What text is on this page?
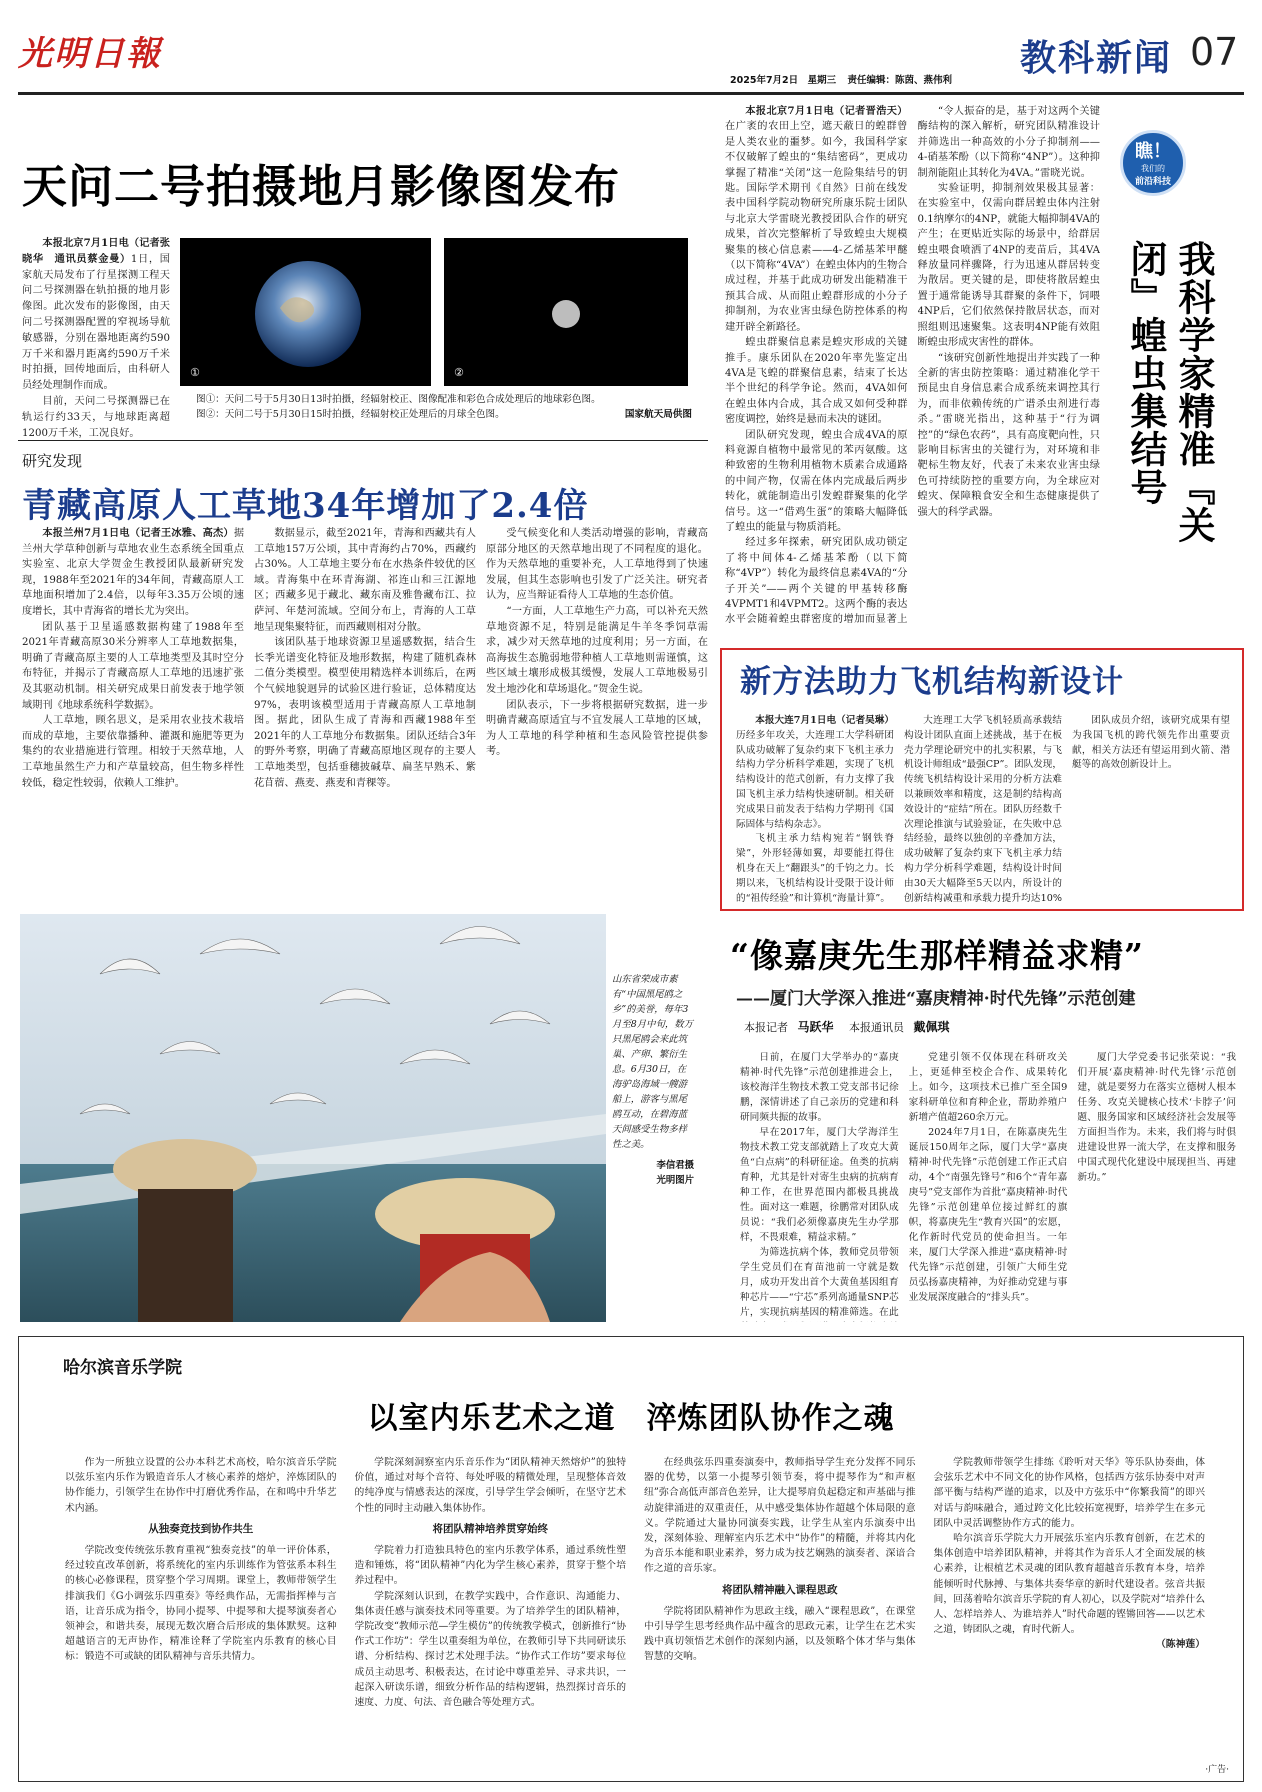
光明日報
2025年7月2日　星期三 责任编辑：陈茵、燕伟利
教科新闻 07
天问二号拍摄地月影像图发布

本报北京7月1日电（记者张晓华　通讯员蔡金曼）1日，国家航天局发布了行星探测工程天问二号探测器在轨拍摄的地月影像图。此次发布的影像图，由天问二号探测器配置的窄视场导航敏感器，分别在器地距离约590万千米和器月距离约590万千米时拍摄，回传地面后，由科研人员经处理制作而成。

目前，天问二号探测器已在轨运行约33天，与地球距离超1200万千米，工况良好。

①	②
图①：天问二号于5月30日13时拍摄，经辐射校正、图像配准和彩色合成处理后的地球彩色图。
图②：天问二号于5月30日15时拍摄，经辐射校正处理后的月球全色图。	国家航天局供图
研究发现
青藏高原人工草地34年增加了2.4倍

本报兰州7月1日电（记者王冰雅、高杰）据兰州大学草种创新与草地农业生态系统全国重点实验室、北京大学贺金生教授团队最新研究发现，1988年至2021年的34年间，青藏高原人工草地面积增加了2.4倍，以每年3.35万公顷的速度增长，其中青海省的增长尤为突出。

团队基于卫星遥感数据构建了1988年至2021年青藏高原30米分辨率人工草地数据集，明确了青藏高原主要的人工草地类型及其时空分布特征，并揭示了青藏高原人工草地的迅速扩张及其驱动机制。相关研究成果日前发表于地学领域期刊《地球系统科学数据》。

人工草地，顾名思义，是采用农业技术栽培而成的草地，主要依靠播种、灌溉和施肥等更为集约的农业措施进行管理。相较于天然草地，人工草地虽然生产力和产草量较高，但生物多样性较低，稳定性较弱，依赖人工维护。

数据显示，截至2021年，青海和西藏共有人工草地157万公顷，其中青海约占70%，西藏约占30%。人工草地主要分布在水热条件较优的区域。青海集中在环青海湖、祁连山和三江源地区；西藏多见于藏北、藏东南及雅鲁藏布江、拉萨河、年楚河流域。空间分布上，青海的人工草地呈现集聚特征，而西藏则相对分散。

该团队基于地球资源卫星遥感数据，结合生长季光谱变化特征及地形数据，构建了随机森林二值分类模型。模型使用精选样本训练后，在两个气候地貌迥异的试验区进行验证，总体精度达97%，表明该模型适用于青藏高原人工草地制图。据此，团队生成了青海和西藏1988年至2021年的人工草地分布数据集。团队还结合3年的野外考察，明确了青藏高原地区现存的主要人工草地类型，包括垂穗披碱草、扁茎早熟禾、紫花苜蓿、燕麦、燕麦和青稞等。

受气候变化和人类活动增强的影响，青藏高原部分地区的天然草地出现了不同程度的退化。作为天然草地的重要补充，人工草地得到了快速发展，但其生态影响也引发了广泛关注。研究者认为，应当辩证看待人工草地的生态价值。

“一方面，人工草地生产力高，可以补充天然草地资源不足，特别是能满足牛羊冬季饲草需求，减少对天然草地的过度利用；另一方面，在高海拔生态脆弱地带种植人工草地则需谨慎，这些区域土壤形成极其缓慢，发展人工草地极易引发土地沙化和草场退化。”贺金生说。

团队表示，下一步将根据研究数据，进一步明确青藏高原适宜与不宜发展人工草地的区域，为人工草地的科学种植和生态风险管控提供参考。

本报北京7月1日电（记者晋浩天）在广袤的农田上空，遮天蔽日的蝗群曾是人类农业的噩梦。如今，我国科学家不仅破解了蝗虫的“集结密码”，更成功掌握了精准“关闭”这一危险集结号的钥匙。国际学术期刊《自然》日前在线发表中国科学院动物研究所康乐院士团队与北京大学雷晓光教授团队合作的研究成果，首次完整解析了导致蝗虫大规模聚集的核心信息素——4-乙烯基苯甲醚（以下简称“4VA”）在蝗虫体内的生物合成过程，并基于此成功研发出能精准干预其合成、从而阻止蝗群形成的小分子抑制剂，为农业害虫绿色防控体系的构建开辟全新路径。

蝗虫群聚信息素是蝗灾形成的关键推手。康乐团队在2020年率先鉴定出4VA是飞蝗的群聚信息素，结束了长达半个世纪的科学争论。然而，4VA如何在蝗虫体内合成，其合成又如何受种群密度调控，始终是悬而未决的谜团。

团队研究发现，蝗虫合成4VA的原料竟源自植物中最常见的苯丙氨酸。这种致密的生物利用植物木质素合成通路的中间产物，仅需在体内完成最后两步转化，就能制造出引发蝗群聚集的化学信号。这一“借鸡生蛋”的策略大幅降低了蝗虫的能量与物质消耗。

经过多年探索，研究团队成功锁定了将中间体4-乙烯基苯酚（以下简称“4VP”）转化为最终信息素4VA的“分子开关”——两个关键的甲基转移酶4VPMT1和4VPMT2。这两个酶的表达水平会随着蝗虫群密度的增加而显著上

“令人振奋的是，基于对这两个关键酶结构的深入解析，研究团队精准设计并筛选出一种高效的小分子抑制剂——4-硝基苯酚（以下简称“4NP”）。这种抑制剂能阻止其转化为4VA。”雷晓光说。

实验证明，抑制剂效果极其显著：在实验室中，仅需向群居蝗虫体内注射0.1纳摩尔的4NP，就能大幅抑制4VA的产生；在更贴近实际的场景中，给群居蝗虫喂食喷洒了4NP的麦苗后，其4VA释放量同样骤降，行为迅速从群居转变为散居。更关键的是，即使将散居蝗虫置于通常能诱导其群聚的条件下，饲喂4NP后，它们依然保持散居状态，而对照组则迅速聚集。这表明4NP能有效阻断蝗虫形成灾害性的群体。

“该研究创新性地提出并实践了一种全新的害虫防控策略：通过精准化学干预昆虫自身信息素合成系统来调控其行为，而非依赖传统的广谱杀虫剂进行毒杀。”雷晓光指出，这种基于“行为调控”的“绿色农药”，具有高度靶向性，只影响目标害虫的关键行为，对环境和非靶标生物友好，代表了未来农业害虫绿色可持续防控的重要方向，为全球应对蝗灾、保障粮食安全和生态健康提供了强大的科学武器。

瞧！
我们的
前沿科技
我科学家精准『关闭』蝗虫集结号
新方法助力飞机结构新设计

本报大连7月1日电（记者吴琳）历经多年攻关，大连理工大学科研团队成功破解了复杂约束下飞机主承力结构力学分析科学难题，实现了飞机结构设计的范式创新，有力支撑了我国飞机主承力结构快速研制。相关研究成果日前发表于结构力学期刊《国际固体与结构杂志》。

飞机主承力结构宛若“钢铁脊梁”，外形轻薄如翼，却要能扛得住机身在天上“翻跟头”的千钧之力。长期以来，飞机结构设计受限于设计师的“祖传经验”和计算机“海量计算”。

大连理工大学飞机轻质高承载结构设计团队直面上述挑战，基于在板壳力学理论研究中的扎实积累，与飞机设计师组成“最强CP”。团队发现，传统飞机结构设计采用的分析方法难以兼顾效率和精度，这是制约结构高效设计的“症结”所在。团队历经数千次理论推演与试验验证，在失败中总结经验，最终以独创的辛叠加方法，成功破解了复杂约束下飞机主承力结构力学分析科学难题，结构设计时间由30天大幅降至5天以内，所设计的创新结构减重和承载力提升均达10%

团队成员介绍，该研究成果有望为我国飞机的跨代领先作出重要贡献，相关方法还有望运用到火箭、潜艇等的高效创新设计上。

山东省荣成市素有“中国黑尾鸥之乡”的美誉，每年3月至8月中旬，数万只黑尾鸥会来此筑巢、产卵、繁衍生息。6月30日，在海驴岛海域一艘游船上，游客与黑尾鸥互动，在碧海蓝天间感受生物多样性之美。
李信君摄
光明图片
“像嘉庚先生那样精益求精”
——厦门大学深入推进“嘉庚精神·时代先锋”示范创建
本报记者 马跃华 本报通讯员 戴佩琪

日前，在厦门大学举办的“嘉庚精神·时代先锋”示范创建推进会上，该校海洋生物技术教工党支部书记徐鹏，深情讲述了自己亲历的党建和科研同频共振的故事。

早在2017年，厦门大学海洋生物技术教工党支部就踏上了攻克大黄鱼“白点病”的科研征途。鱼类的抗病育种，尤其是针对寄生虫病的抗病育种工作，在世界范围内都极具挑战性。面对这一难题，徐鹏常对团队成员说：“我们必须像嘉庚先生办学那样，不畏艰难，精益求精。”

为筛选抗病个体，教师党员带领学生党员们在育苗池前一守就是数月，成功开发出首个大黄鱼基因组育种芯片——“宁芯”系列高通量SNP芯片，实现抗病基因的精准筛选。在此

党建引领不仅体现在科研攻关上，更延伸至校企合作、成果转化上。如今，这项技术已推广至全国9家科研单位和育种企业，帮助养殖户新增产值超260余万元。

2024年7月1日，在陈嘉庚先生诞辰150周年之际，厦门大学“嘉庚精神·时代先锋”示范创建工作正式启动，4个“南强先锋号”和6个“青年嘉庚号”党支部作为首批“嘉庚精神·时代先锋”示范创建单位接过鲜红的旗帜，将嘉庚先生“教育兴国”的宏愿，化作新时代党员的使命担当。一年来，厦门大学深入推进“嘉庚精神·时代先锋”示范创建，引领广大师生党员弘扬嘉庚精神，为好推动党建与事业发展深度融合的“排头兵”。

厦门大学党委书记张荣说：“我们开展‘嘉庚精神·时代先锋’示范创建，就是要努力在落实立德树人根本任务、攻克关键核心技术‘卡脖子’问题、服务国家和区域经济社会发展等方面担当作为。未来，我们将与时俱进建设世界一流大学，在支撑和服务中国式现代化建设中展现担当、再建新功。”

哈尔滨音乐学院
以室内乐艺术之道　淬炼团队协作之魂

作为一所独立设置的公办本科艺术高校，哈尔滨音乐学院以弦乐室内乐作为锻造音乐人才核心素养的熔炉，淬炼团队的协作能力，引领学生在协作中打磨优秀作品，在和鸣中升华艺术内涵。

从独奏竞技到协作共生

学院改变传统弦乐教育重视“独奏竞技”的单一评价体系，经过较直改革创新，将系统化的室内乐训练作为管弦系本科生的核心必修课程，贯穿整个学习周期。课堂上，教师带领学生排演我们《G小调弦乐四重奏》等经典作品，无需指挥棒与言语，让音乐成为指令，协同小提琴、中提琴和大提琴演奏者心领神会，和谐共奏，展现无数次磨合后形成的集体默契。这种超越语言的无声协作，精准诠释了学院室内乐教育的核心目标：锻造不可或缺的团队精神与音乐共情力。

学院深刻洞察室内乐音乐作为“团队精神天然熔炉”的独特价值，通过对每个音符、每处呼吸的精微处理，呈现整体音效的纯净度与情感表达的深度，引导学生学会倾听，在坚守艺术个性的同时主动融入集体协作。

将团队精神培养贯穿始终

学院着力打造独具特色的室内乐教学体系，通过系统性塑造和锤炼，将“团队精神”内化为学生核心素养，贯穿于整个培养过程中。

学院深刻认识到，在教学实践中，合作意识、沟通能力、集体责任感与演奏技术同等重要。为了培养学生的团队精神，学院改变“教师示范—学生模仿”的传统教学模式，创新推行“协作式工作坊”：学生以重奏组为单位，在教师引导下共同研读乐谱、分析结构、探讨艺术处理手法。“协作式工作坊”要求每位成员主动思考、积极表达，在讨论中尊重差异、寻求共识，一起深入研读乐谱，细致分析作品的结构逻辑，热烈探讨音乐的速度、力度、句法、音色融合等处理方式。

在经典弦乐四重奏演奏中，教师指导学生充分发挥不同乐器的优势，以第一小提琴引领节奏，将中提琴作为“和声枢纽”弥合高低声部音色差异，让大提琴肩负起稳定和声基础与推动旋律涌进的双重责任，从中感受集体协作超越个体局限的意义。学院通过大量协同演奏实践，让学生从室内乐演奏中出发，深刻体验、理解室内乐艺术中“协作”的精髓，并将其内化为音乐本能和职业素养，努力成为技艺娴熟的演奏者、深谙合作之道的音乐家。

将团队精神融入课程思政

学院将团队精神作为思政主线，融入“课程思政”，在课堂中引导学生思考经典作品中蕴含的思政元素，让学生在艺术实践中真切领悟艺术创作的深刻内涵，以及领略个体才华与集体智慧的交响。

学院教师带领学生排练《聆听对天华》等乐队协奏曲，体会弦乐艺术中不同文化的协作风格，包括西方弦乐协奏中对声部平衡与结构严谨的追求，以及中方弦乐中“你繁我简”的即兴对话与韵味融合，通过跨文化比较拓宽视野，培养学生在多元团队中灵活调整协作方式的能力。

哈尔滨音乐学院大力开展弦乐室内乐教育创新，在艺术的集体创造中培养团队精神，并将其作为音乐人才全面发展的核心素养，让根植艺术灵魂的团队教育超越音乐教育本身，培养能倾听时代脉搏、与集体共奏华章的新时代建设者。弦音共振间，回荡着哈尔滨音乐学院的育人初心，以及学院对“培养什么人、怎样培养人、为谁培养人”时代命题的铿锵回答——以艺术之道，铸团队之魂，育时代新人。

（陈神莲）
·广告·
